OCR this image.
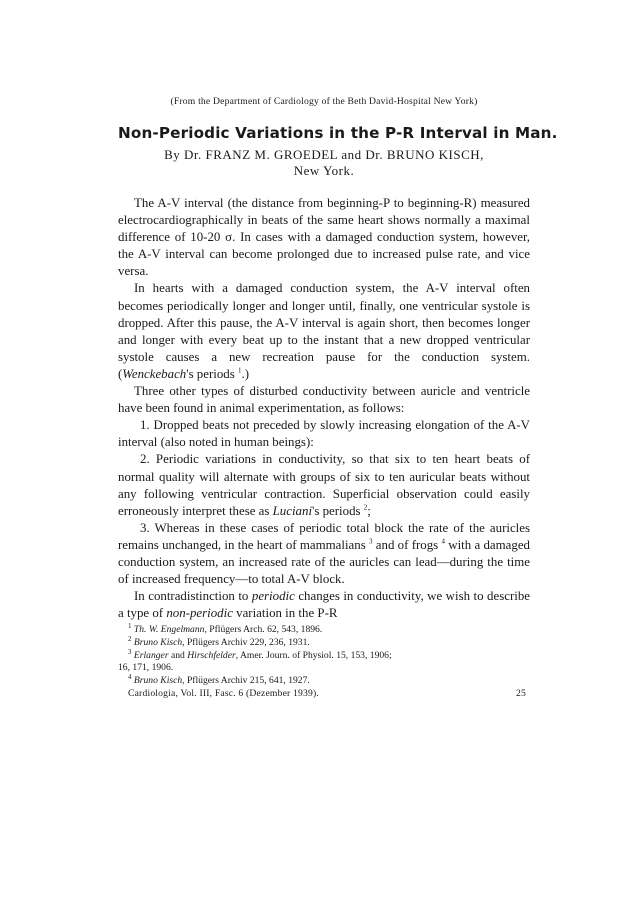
(From the Department of Cardiology of the Beth David-Hospital New York)
Non-Periodic Variations in the P-R Interval in Man.
By Dr. FRANZ M. GROEDEL and Dr. BRUNO KISCH,
New York.

The A-V interval (the distance from beginning-P to beginning-R) measured electrocardiographically in beats of the same heart shows normally a maximal difference of 10-20 σ. In cases with a damaged conduction system, however, the A-V interval can become prolonged due to increased pulse rate, and vice versa.

In hearts with a damaged conduction system, the A-V interval often becomes periodically longer and longer until, finally, one ventricular systole is dropped. After this pause, the A-V interval is again short, then becomes longer and longer with every beat up to the instant that a new dropped ventricular systole causes a new recreation pause for the conduction system. (Wenckebach's periods $^1$.)

Three other types of disturbed conductivity between auricle and ventricle have been found in animal experimentation, as follows:

1. Dropped beats not preceded by slowly increasing elongation of the A-V interval (also noted in human beings):

2. Periodic variations in conductivity, so that six to ten heart beats of normal quality will alternate with groups of six to ten auricular beats without any following ventricular contraction. Superficial observation could easily erroneously interpret these as Luciani's periods $^2$;

3. Whereas in these cases of periodic total block the rate of the auricles remains unchanged, in the heart of mammalians $^3$ and of frogs $^4$ with a damaged conduction system, an increased rate of the auricles can lead—during the time of increased frequency—to total A-V block.

In contradistinction to periodic changes in conductivity, we wish to describe a type of non-periodic variation in the P-R

$^1$ Th. W. Engelmann, Pflügers Arch. 62, 543, 1896.

$^2$ Bruno Kisch, Pflügers Archiv 229, 236, 1931.

$^3$ Erlanger and Hirschfelder, Amer. Journ. of Physiol. 15, 153, 1906;

16, 171, 1906.

$^4$ Bruno Kisch, Pflügers Archiv 215, 641, 1927.

Cardiologia, Vol. III, Fasc. 6 (Dezember 1939).	25
